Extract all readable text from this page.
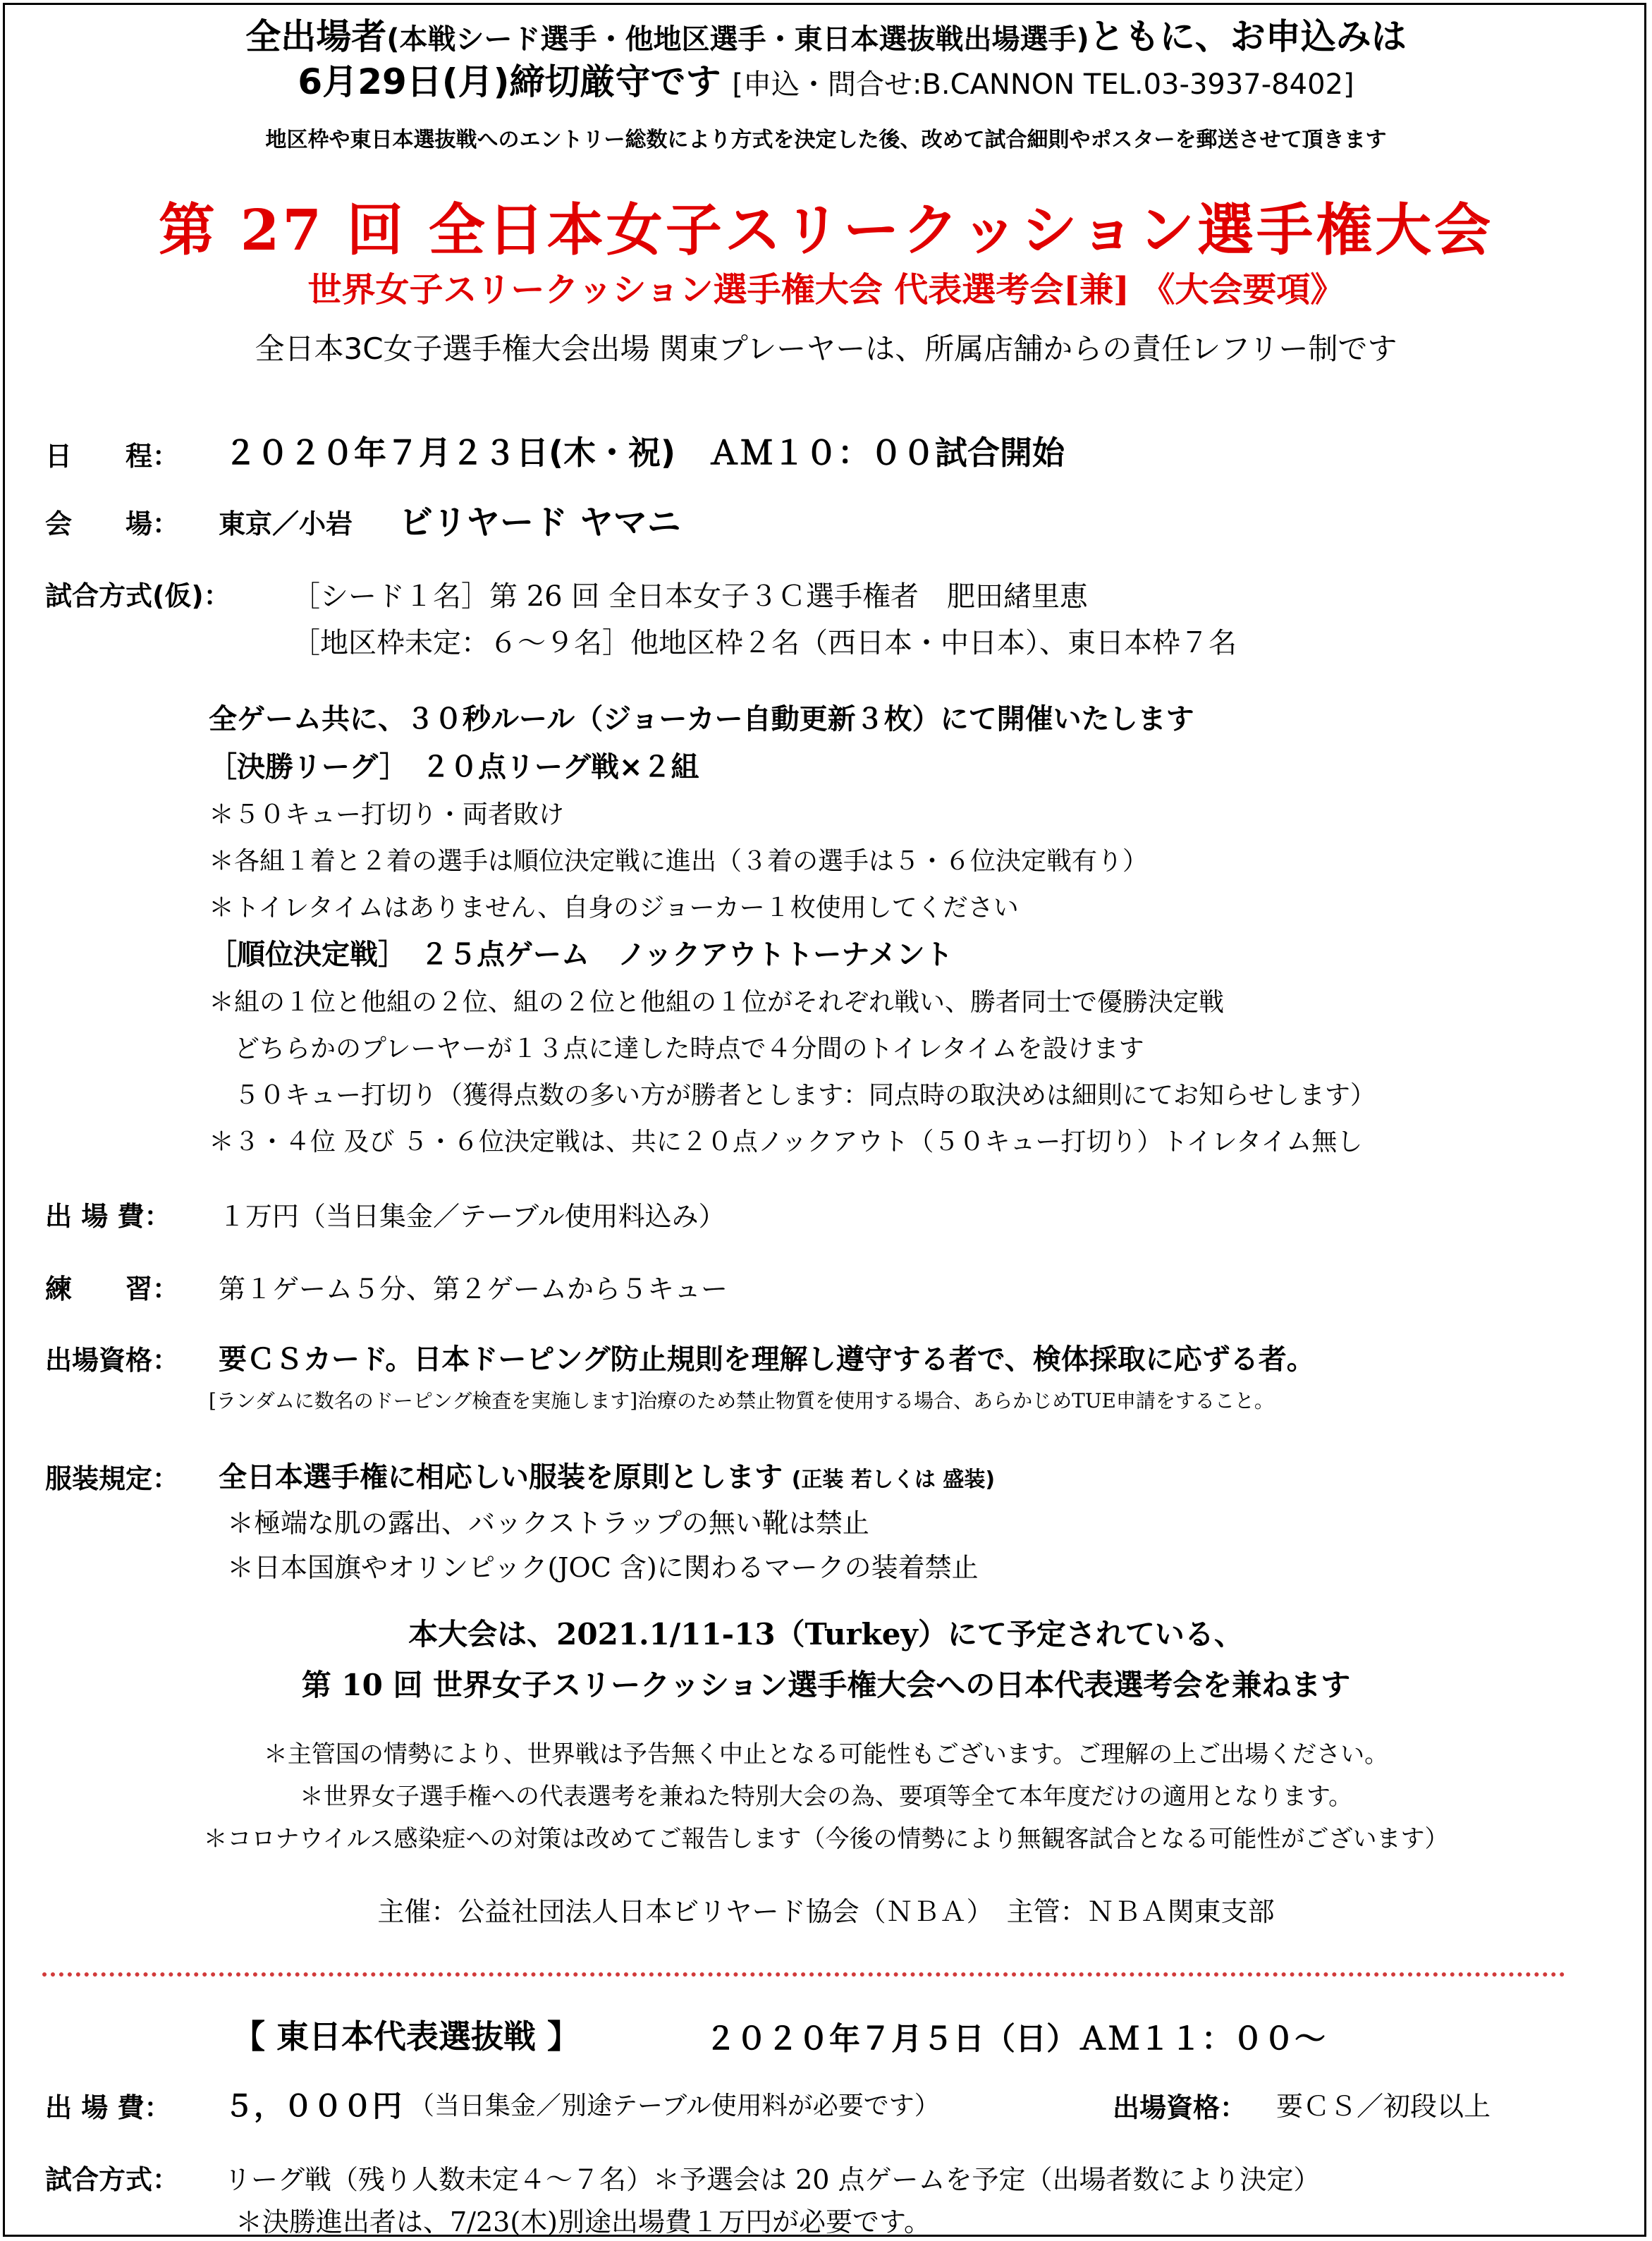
全出場者(本戦シード選手・他地区選手・東日本選抜戦出場選手)ともに、お申込みは
6月29日(月)締切厳守です [申込・問合せ:B.CANNON TEL.03-3937-8402]
地区枠や東日本選抜戦へのエントリー総数により方式を決定した後、改めて試合細則やポスターを郵送させて頂きます
第 27 回 全日本女子スリークッション選手権大会
世界女子スリークッション選手権大会 代表選考会[兼] 《大会要項》
全日本3C女子選手権大会出場 関東プレーヤーは、所属店舗からの責任レフリー制です
日　　程： ２０２０年７月２３日(木・祝)　ＡＭ１０：００試合開始
会　　場： 東京／小岩 ビリヤード ヤマニ
試合方式(仮)： ［シード１名］第 26 回 全日本女子３Ｃ選手権者　肥田緒里恵
［地区枠未定：６～９名］他地区枠２名（西日本・中日本）、東日本枠７名
全ゲーム共に、３０秒ルール（ジョーカー自動更新３枚）にて開催いたします
［決勝リーグ］　２０点リーグ戦×２組
＊５０キュー打切り・両者敗け
＊各組１着と２着の選手は順位決定戦に進出（３着の選手は５・６位決定戦有り）
＊トイレタイムはありません、自身のジョーカー１枚使用してください
［順位決定戦］　２５点ゲーム　ノックアウトトーナメント
＊組の１位と他組の２位、組の２位と他組の１位がそれぞれ戦い、勝者同士で優勝決定戦
　どちらかのプレーヤーが１３点に達した時点で４分間のトイレタイムを設けます
　５０キュー打切り（獲得点数の多い方が勝者とします：同点時の取決めは細則にてお知らせします）
＊３・４位 及び ５・６位決定戦は、共に２０点ノックアウト（５０キュー打切り）トイレタイム無し
出 場 費： １万円（当日集金／テーブル使用料込み）
練　　習： 第１ゲーム５分、第２ゲームから５キュー
出場資格： 要ＣＳカード。日本ドーピング防止規則を理解し遵守する者で、検体採取に応ずる者。
[ランダムに数名のドーピング検査を実施します]治療のため禁止物質を使用する場合、あらかじめTUE申請をすること。
服装規定： 全日本選手権に相応しい服装を原則とします (正装 若しくは 盛装)
＊極端な肌の露出、バックストラップの無い靴は禁止
＊日本国旗やオリンピック(JOC 含)に関わるマークの装着禁止
本大会は、2021.1/11-13（Turkey）にて予定されている、
第 10 回 世界女子スリークッション選手権大会への日本代表選考会を兼ねます
＊主管国の情勢により、世界戦は予告無く中止となる可能性もございます。ご理解の上ご出場ください。
＊世界女子選手権への代表選考を兼ねた特別大会の為、要項等全て本年度だけの適用となります。
＊コロナウイルス感染症への対策は改めてご報告します（今後の情勢により無観客試合となる可能性がございます）
主催：公益社団法人日本ビリヤード協会（ＮＢＡ）　主管：ＮＢＡ関東支部
【 東日本代表選抜戦 】	２０２０年７月５日（日）ＡＭ１１：００～
出 場 費： ５，０００円 （当日集金／別途テーブル使用料が必要です）	出場資格： 要ＣＳ／初段以上
試合方式： リーグ戦（残り人数未定４～７名）＊予選会は 20 点ゲームを予定（出場者数により決定）
＊決勝進出者は、7/23(木)別途出場費１万円が必要です。
